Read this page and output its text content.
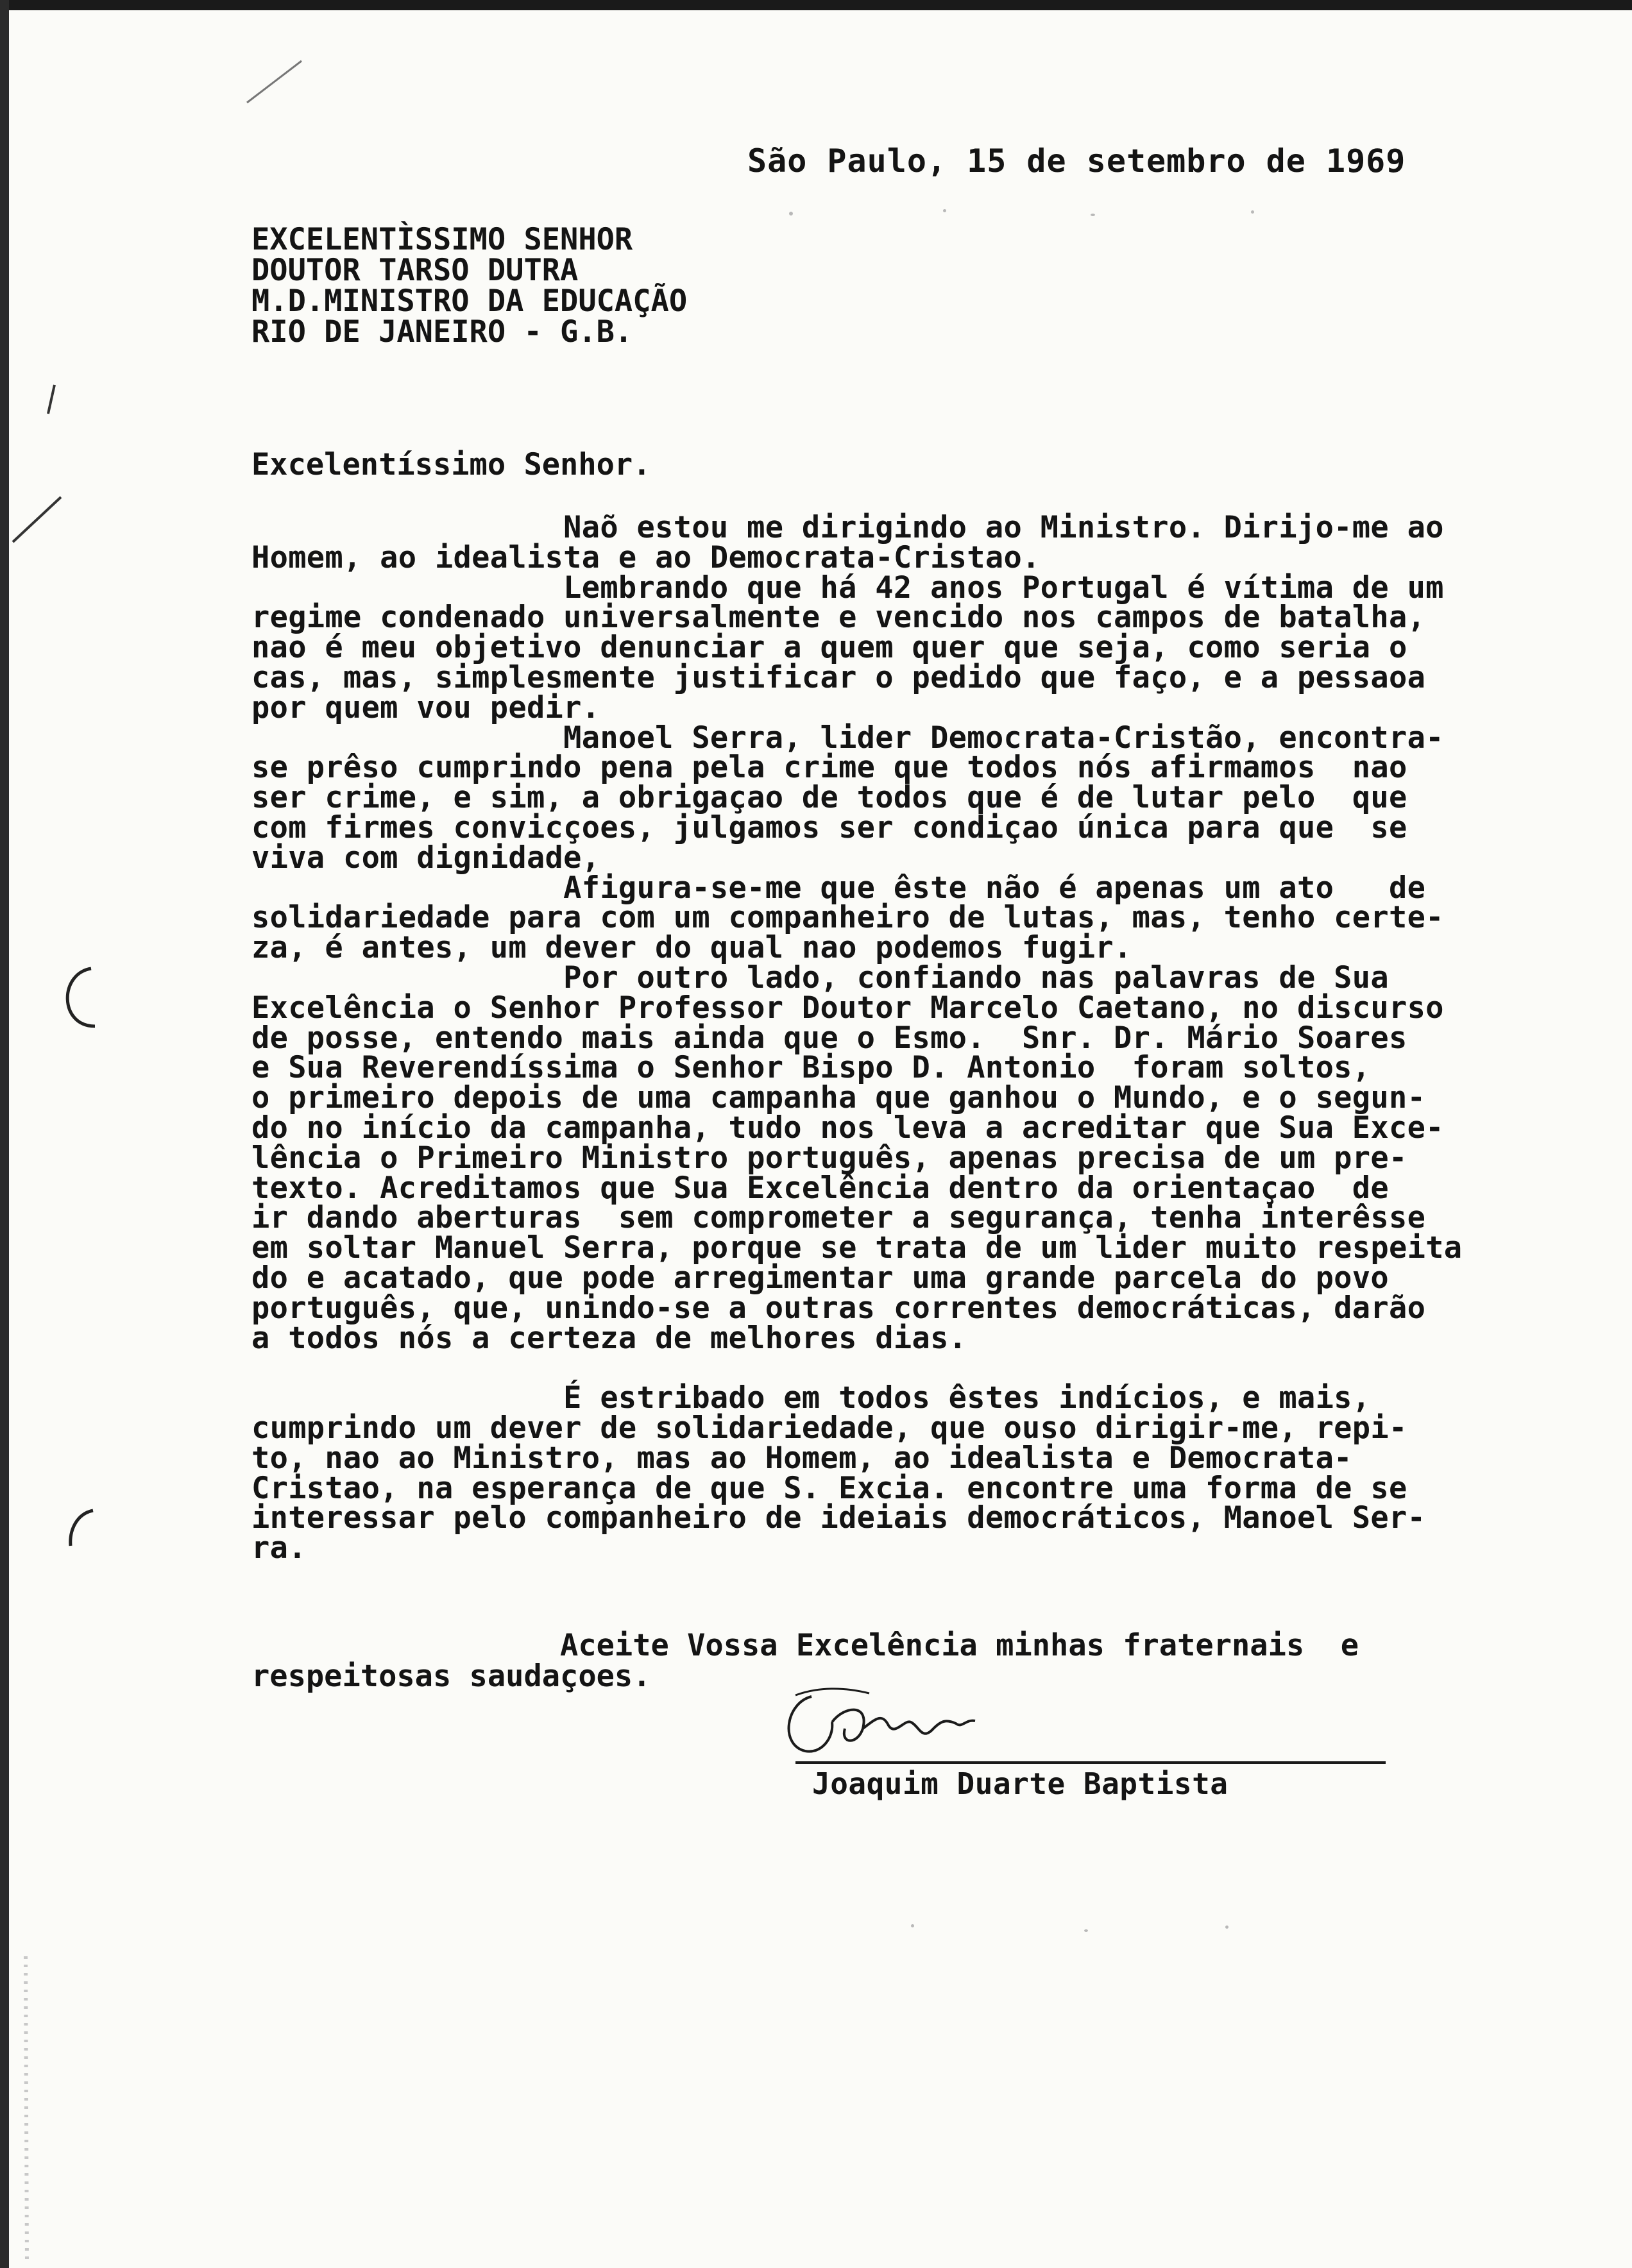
São Paulo, 15 de setembro de 1969

EXCELENTÌSSIMO SENHOR
DOUTOR TARSO DUTRA
M.D.MINISTRO DA EDUCAÇÃO
RIO DE JANEIRO - G.B.

Excelentíssimo Senhor.

Naõ estou me dirigindo ao Ministro. Dirijo-me ao
Homem, ao idealista e ao Democrata-Cristao.
Lembrando que há 42 anos Portugal é vítima de um
regime condenado universalmente e vencido nos campos de batalha,
nao é meu objetivo denunciar a quem quer que seja, como seria o
cas, mas, simplesmente justificar o pedido que faço, e a pessaoa
por quem vou pedir.
Manoel Serra, lider Democrata-Cristão, encontra-
se prêso cumprindo pena pela crime que todos nós afirmamos  nao
ser crime, e sim, a obrigaçao de todos que é de lutar pelo  que
com firmes convicçoes, julgamos ser condiçao única para que  se
viva com dignidade,
Afigura-se-me que êste não é apenas um ato   de
solidariedade para com um companheiro de lutas, mas, tenho certe-
za, é antes, um dever do qual nao podemos fugir.
Por outro lado, confiando nas palavras de Sua
Excelência o Senhor Professor Doutor Marcelo Caetano, no discurso
de posse, entendo mais ainda que o Esmo.  Snr. Dr. Mário Soares
e Sua Reverendíssima o Senhor Bispo D. Antonio  foram soltos,
o primeiro depois de uma campanha que ganhou o Mundo, e o segun-
do no início da campanha, tudo nos leva a acreditar que Sua Exce-
lência o Primeiro Ministro português, apenas precisa de um pre-
texto. Acreditamos que Sua Excelência dentro da orientaçao  de
ir dando aberturas  sem comprometer a segurança, tenha interêsse
em soltar Manuel Serra, porque se trata de um lider muito respeita
do e acatado, que pode arregimentar uma grande parcela do povo
português, que, unindo-se a outras correntes democráticas, darão
a todos nós a certeza de melhores dias.

É estribado em todos êstes indícios, e mais,
cumprindo um dever de solidariedade, que ouso dirigir-me, repi-
to, nao ao Ministro, mas ao Homem, ao idealista e Democrata-
Cristao, na esperança de que S. Excia. encontre uma forma de se
interessar pelo companheiro de ideiais democráticos, Manoel Ser-
ra.
Aceite Vossa Excelência minhas fraternais  e
respeitosas saudaçoes.

Joaquim Duarte Baptista
